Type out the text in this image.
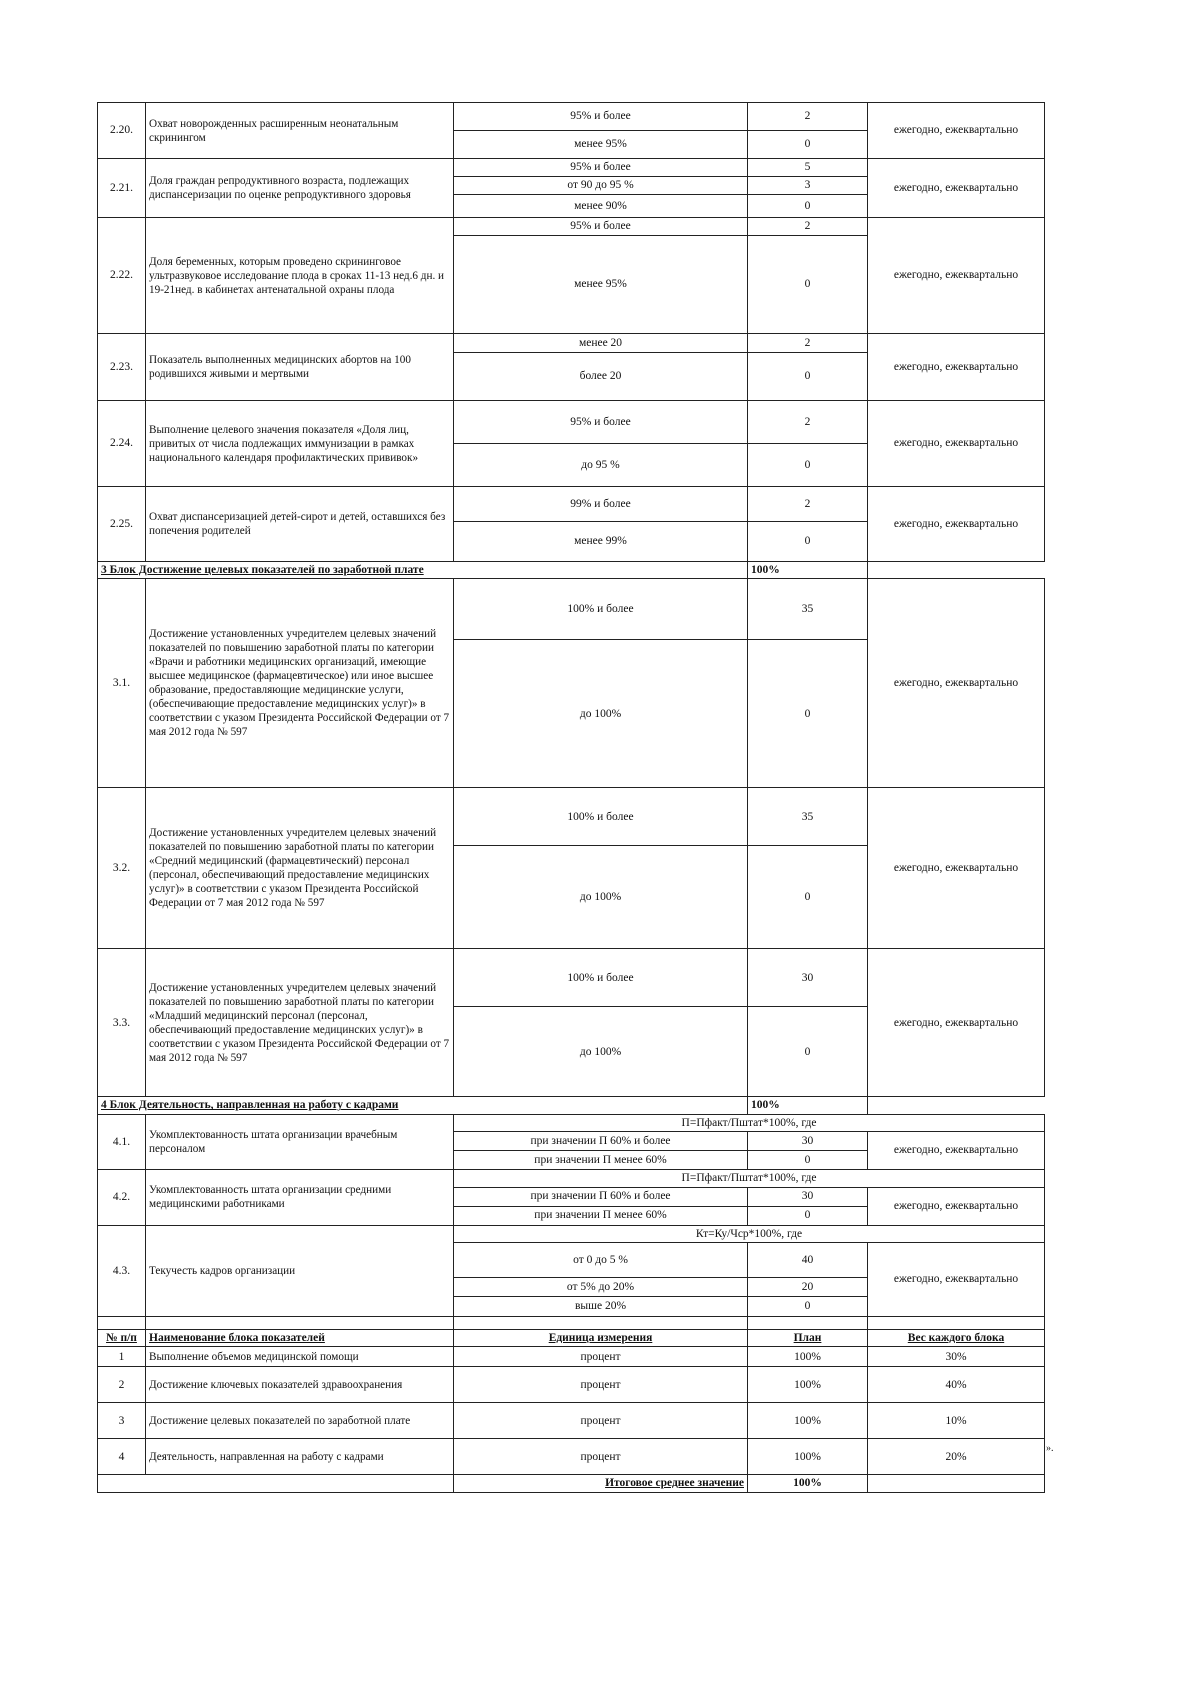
2.20.	Охват новорожденных расширенным неонатальным скринингом	95% и более	2	ежегодно, ежеквартально
		менее 95%	0	
2.21.	Доля граждан репродуктивного возраста, подлежащих диспансеризации по оценке репродуктивного здоровья	95% и более	5	ежегодно, ежеквартально
		от 90 до 95 %	3	
		менее 90%	0	
2.22.	Доля беременных, которым проведено скрининговое ультразвуковое исследование плода в сроках 11-13 нед.6 дн. и 19-21нед. в кабинетах антенатальной охраны плода	95% и более	2	ежегодно, ежеквартально
		менее 95%	0	
2.23.	Показатель выполненных медицинских абортов на 100 родившихся живыми и мертвыми	менее 20	2	ежегодно, ежеквартально
		более 20	0	
2.24.	Выполнение целевого значения показателя «Доля лиц, привитых от числа подлежащих иммунизации в рамках национального календаря профилактических прививок»	95% и более	2	ежегодно, ежеквартально
		до 95 %	0	
2.25.	Охват диспансеризацией детей-сирот и детей, оставшихся без попечения родителей	99% и более	2	ежегодно, ежеквартально
		менее 99%	0	
3 Блок Достижение целевых показателей по заработной плате			100%	
3.1.	Достижение установленных учредителем целевых значений показателей по повышению заработной платы по категории «Врачи и работники медицинских организаций, имеющие высшее медицинское (фармацевтическое) или иное высшее образование, предоставляющие медицинские услуги, (обеспечивающие предоставление медицинских услуг)» в соответствии с указом Президента Российской Федерации от 7 мая 2012 года № 597	100% и более	35	ежегодно, ежеквартально
		до 100%	0	
3.2.	Достижение установленных учредителем целевых значений показателей по повышению заработной платы по категории «Средний медицинский (фармацевтический) персонал (персонал, обеспечивающий предоставление медицинских услуг)» в соответствии с указом Президента Российской Федерации от 7 мая 2012 года № 597	100% и более	35	ежегодно, ежеквартально
		до 100%	0	
3.3.	Достижение установленных учредителем целевых значений показателей по повышению заработной платы по категории «Младший медицинский персонал (персонал, обеспечивающий предоставление медицинских услуг)» в соответствии с указом Президента Российской Федерации от 7 мая 2012 года № 597	100% и более	30	ежегодно, ежеквартально
		до 100%	0	
4 Блок Деятельность, направленная на работу с кадрами			100%	
4.1.	Укомплектованность штата организации врачебным персоналом	П=Пфакт/Пштат*100%, где		
		при значении П 60% и более	30	ежегодно, ежеквартально
		при значении П менее 60%	0	
4.2.	Укомплектованность штата организации средними медицинскими работниками	П=Пфакт/Пштат*100%, где		
		при значении П 60% и более	30	ежегодно, ежеквартально
		при значении П менее 60%	0	
4.3.	Текучесть кадров организации	Кт=Ку/Чср*100%, где		
		от 0 до 5 %	40	ежегодно, ежеквартально
		от 5% до 20%	20	
		выше 20%	0	

№ п/п	Наименование блока показателей	Единица измерения	План	Вес каждого блока
1	Выполнение объемов медицинской помощи	процент	100%	30%
2	Достижение ключевых показателей здравоохранения	процент	100%	40%
3	Достижение целевых показателей по заработной плате	процент	100%	10%
4	Деятельность, направленная на работу с кадрами	процент	100%	20%
		Итоговое среднее значение	100%	
».
